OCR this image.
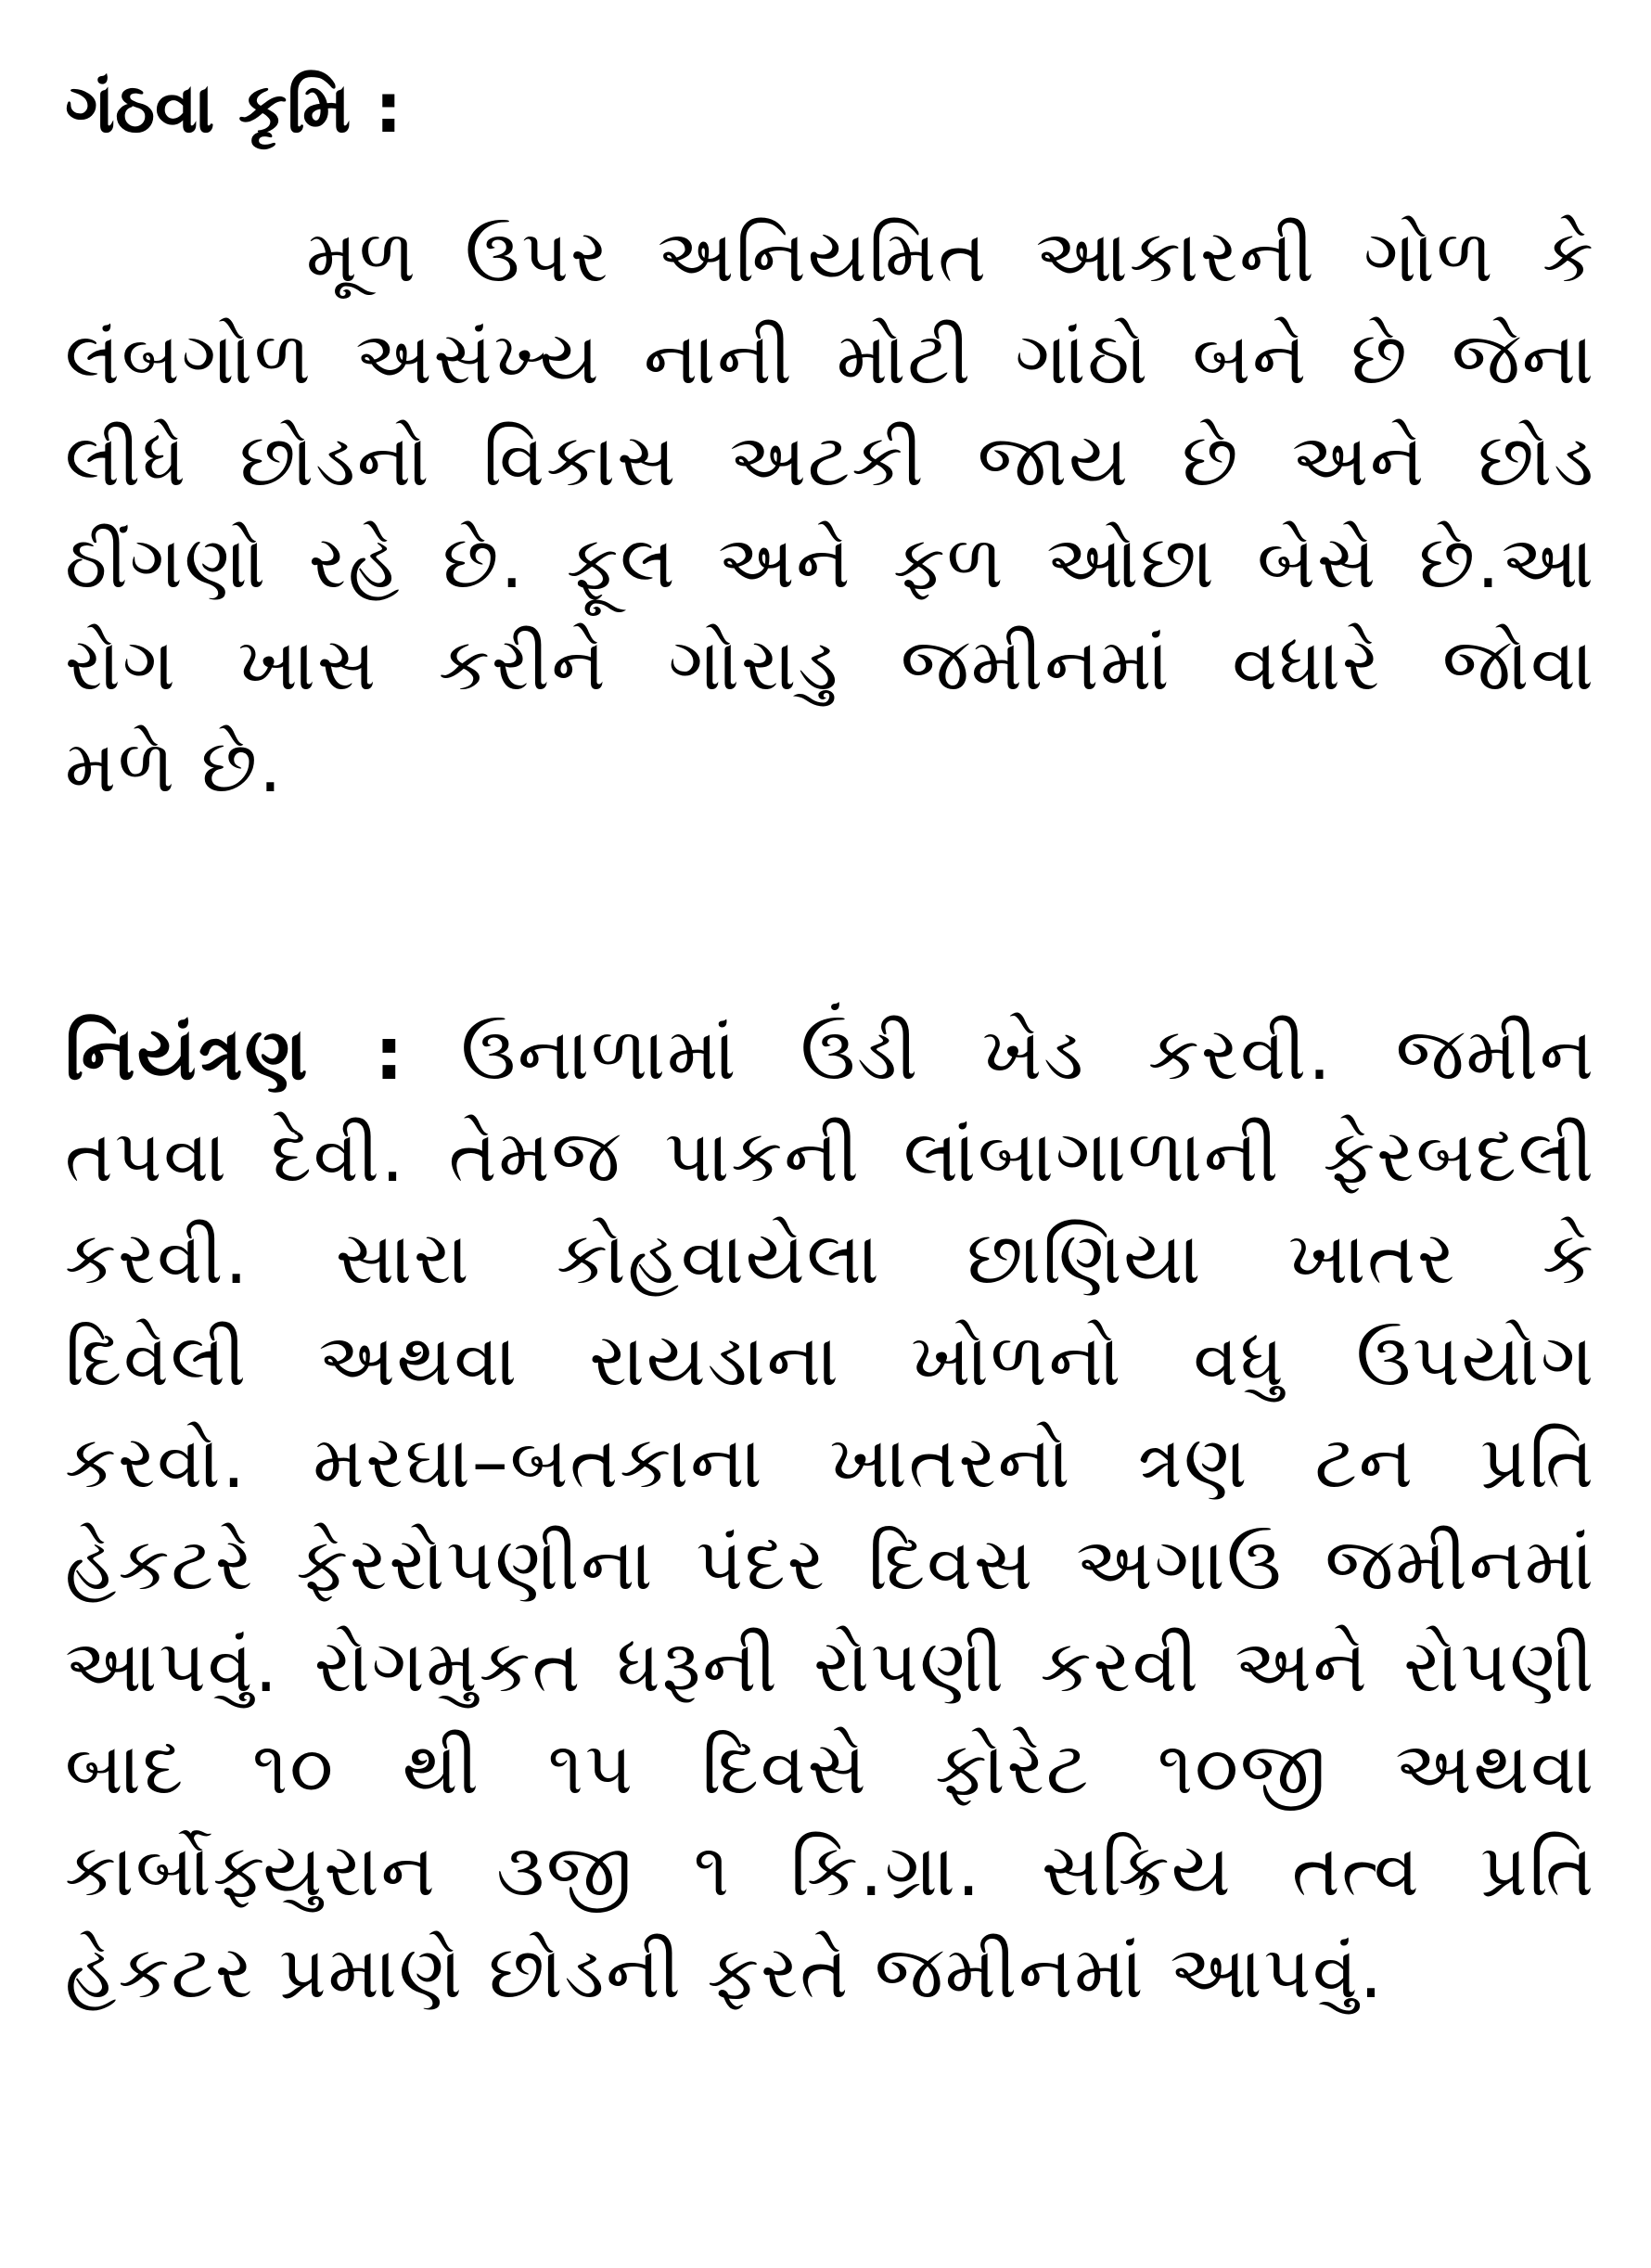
ગંઠવા કૃમિ :
મૂળ ઉપર અનિયમિત આકારની ગોળ કે
લંબગોળ અસંખ્ય નાની મોટી ગાંઠો બને છે જેના
લીધે છોડનો વિકાસ અટકી જાય છે અને છોડ
ઠીંગણો રહે છે. ફૂલ અને ફળ ઓછા બેસે છે.આ
રોગ ખાસ કરીને ગોરાડુ જમીનમાં વધારે જોવા
મળે છે.
નિયંત્રણ : ઉનાળામાં ઉંડી ખેડ કરવી. જમીન
તપવા દેવી. તેમજ પાકની લાંબાગાળાની ફેરબદલી
કરવી. સારા કોહવાયેલા છાણિયા ખાતર કે
દિવેલી અથવા રાયડાના ખોળનો વધુ ઉપયોગ
કરવો. મરઘા–બતકાના ખાતરનો ત્રણ ટન પ્રતિ
હેકટરે ફેરરોપણીના પંદર દિવસ અગાઉ જમીનમાં
આપવું. રોગમુકત ધરૂની રોપણી કરવી અને રોપણી
બાદ ૧૦ થી ૧૫ દિવસે ફોરેટ ૧૦જી અથવા
કાર્બોફ્યુરાન ૩જી ૧ કિ.ગ્રા. સક્રિય તત્વ પ્રતિ
હેકટર પ્રમાણે છોડની ફરતે જમીનમાં આપવું.
